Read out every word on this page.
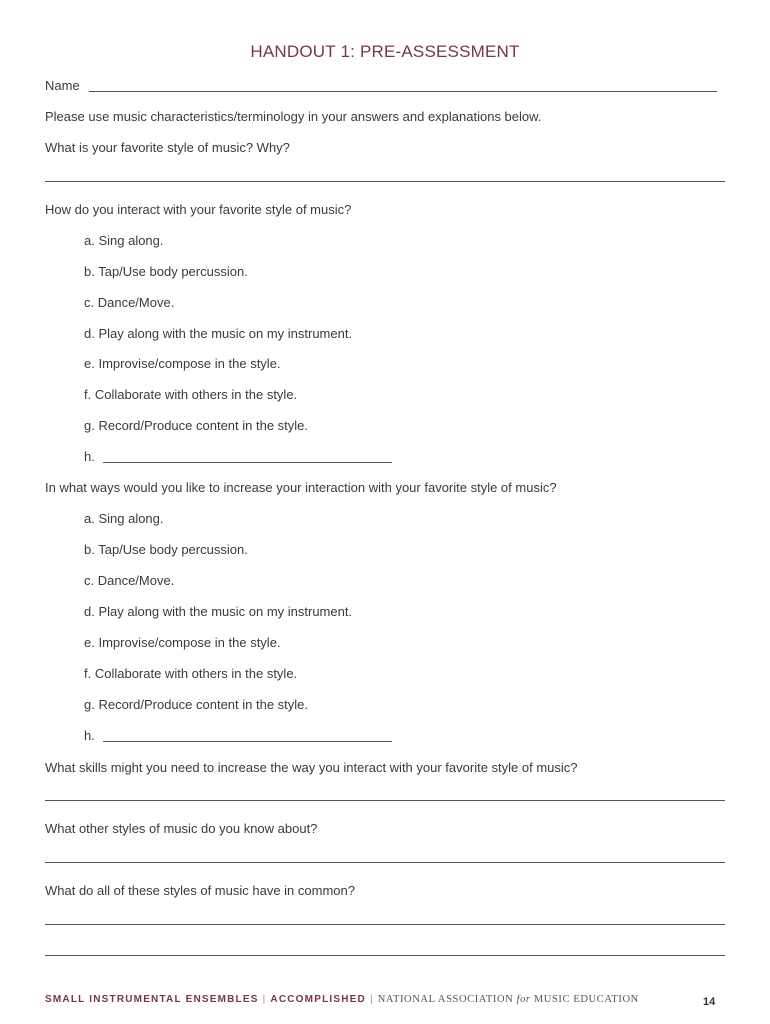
HANDOUT 1: PRE-ASSESSMENT
Name
Please use music characteristics/terminology in your answers and explanations below.
What is your favorite style of music? Why?
How do you interact with your favorite style of music?
a. Sing along.
b. Tap/Use body percussion.
c. Dance/Move.
d. Play along with the music on my instrument.
e. Improvise/compose in the style.
f. Collaborate with others in the style.
g. Record/Produce content in the style.
h.
In what ways would you like to increase your interaction with your favorite style of music?
a. Sing along.
b. Tap/Use body percussion.
c. Dance/Move.
d. Play along with the music on my instrument.
e. Improvise/compose in the style.
f. Collaborate with others in the style.
g. Record/Produce content in the style.
h.
What skills might you need to increase the way you interact with your favorite style of music?
What other styles of music do you know about?
What do all of these styles of music have in common?
SMALL INSTRUMENTAL ENSEMBLES | ACCOMPLISHED | NATIONAL ASSOCIATION for MUSIC EDUCATION	14
